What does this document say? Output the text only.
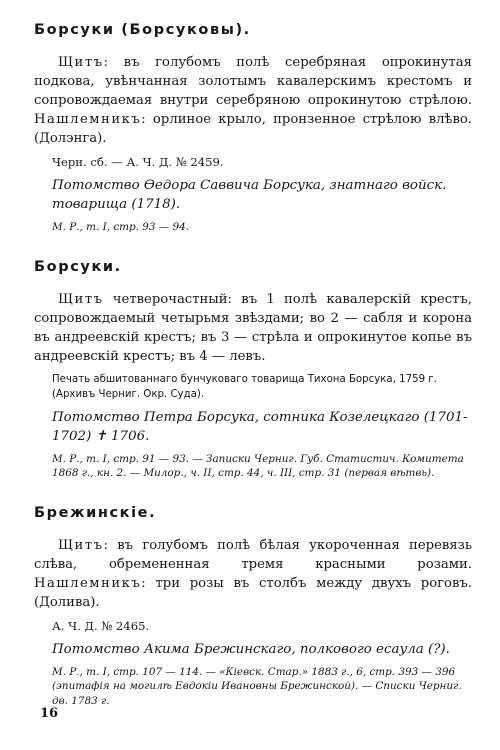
Борсуки (Борсуковы).

Щитъ: въ голубомъ полѣ серебряная опрокинутая подкова, увѣнчанная золотымъ кавалерскимъ крестомъ и сопровождаемая внутри серебряною опрокинутою стрѣлою. Нашлемникъ: орлиное крыло, пронзенное стрѣлою влѣво. (Долэнга).

Черн. сб. — А. Ч. Д. № 2459.

Потомство Ѳедора Саввича Борсука, знатнаго войск. товарища (1718).

М. Р., т. I, стр. 93 — 94.

Борсуки.

Щитъ четверочастный: въ 1 полѣ кавалерскій крестъ, сопровождаемый четырьмя звѣздами; во 2 — сабля и корона въ андреевскій крестъ; въ 3 — стрѣла и опрокинутое копье въ андреевскій крестъ; въ 4 — левъ.

Печать абшитованнаго бунчуковаго товарища Тихона Борсука, 1759 г. (Архивъ Черниг. Окр. Суда).

Потомство Петра Борсука, сотника Козелецкаго (1701-1702) ✝ 1706.

М. Р., т. I, стр. 91 — 93. — Записки Черниг. Губ. Статистич. Комитета 1868 г., кн. 2. — Милор., ч. II, стр. 44, ч. III, стр. 31 (первая вѣтвь).

Брежинскіе.

Щитъ: въ голубомъ полѣ бѣлая укороченная перевязь слѣва, обремененная тремя красными розами. Нашлемникъ: три розы въ столбъ между двухъ роговъ. (Долива).

А. Ч. Д. № 2465.

Потомство Акима Брежинскаго, полкового есаула (?).

М. Р., т. I, стр. 107 — 114. — «Кіевск. Стар.» 1883 г., 6, стр. 393 — 396 (эпитафія на могилѣ Евдокіи Ивановны Брежинской). — Списки Черниг. дв. 1783 г.

16
